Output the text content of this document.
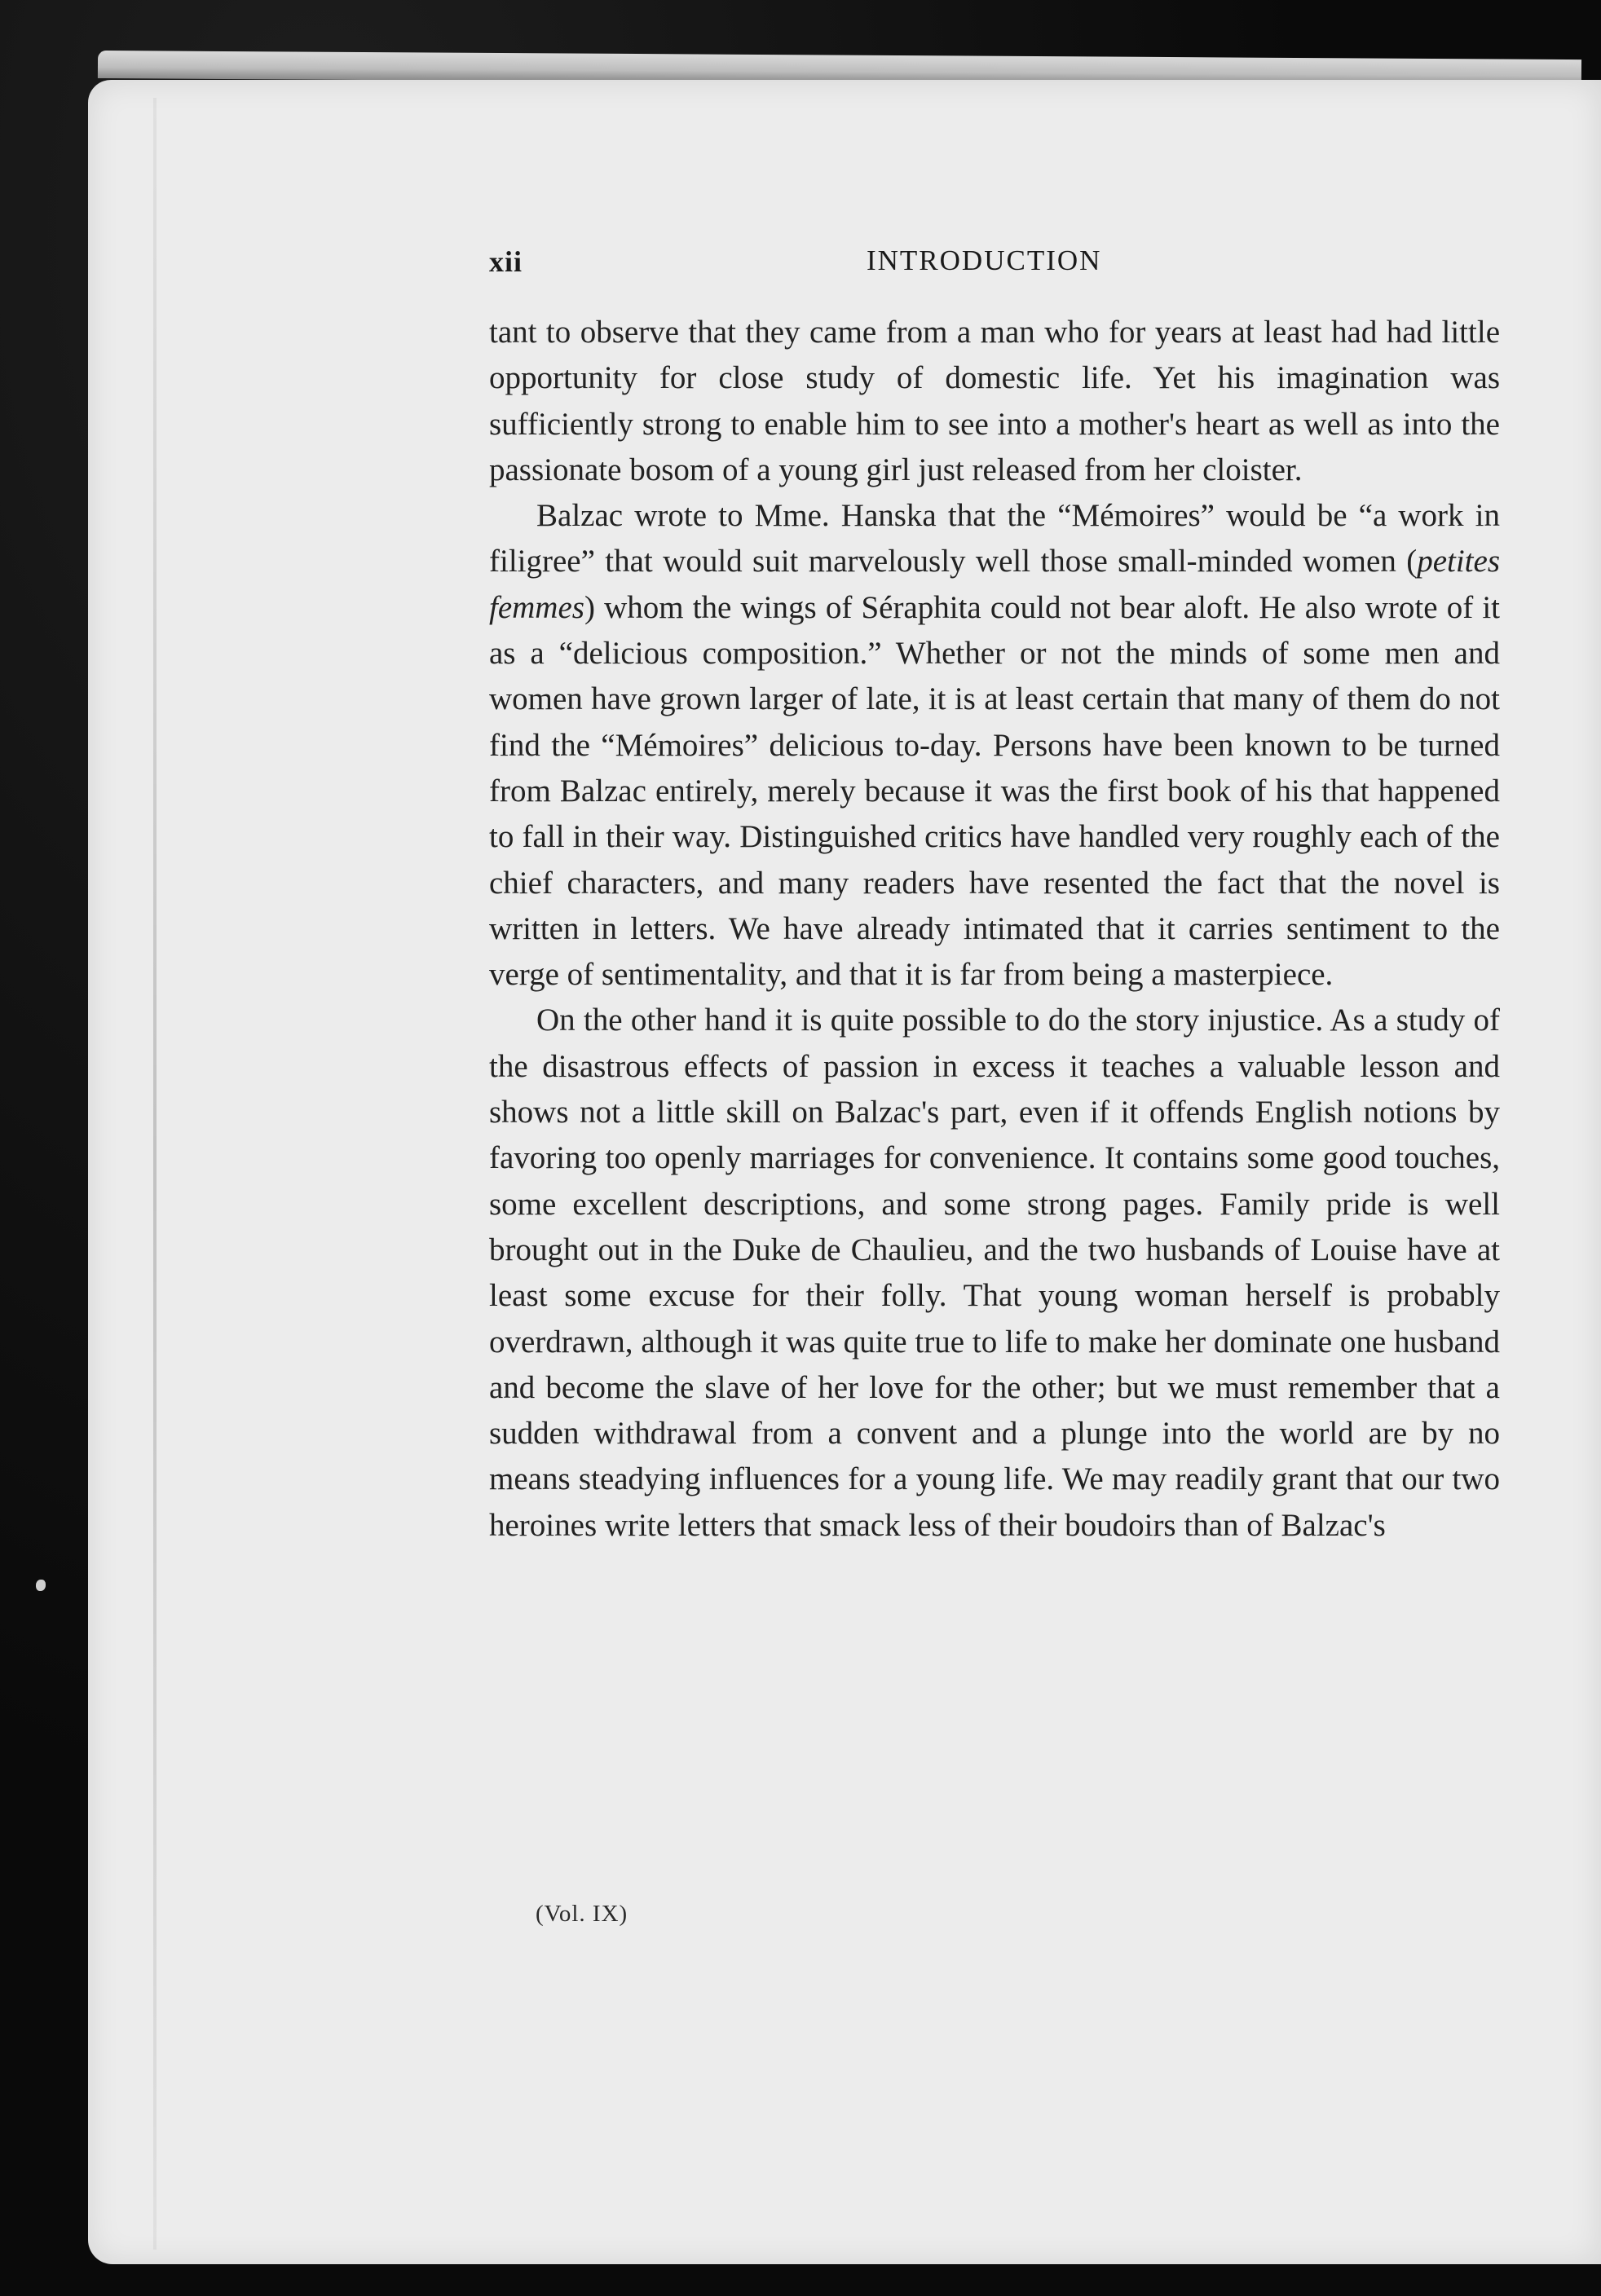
xii	INTRODUCTION

tant to observe that they came from a man who for years at least had had little opportunity for close study of domestic life. Yet his imagination was sufficiently strong to enable him to see into a mother's heart as well as into the passionate bosom of a young girl just released from her cloister.

Balzac wrote to Mme. Hanska that the “Mémoires” would be “a work in filigree” that would suit marvelously well those small-minded women (petites femmes) whom the wings of Séraphita could not bear aloft. He also wrote of it as a “delicious composition.” Whether or not the minds of some men and women have grown larger of late, it is at least certain that many of them do not find the “Mémoires” delicious to-day. Persons have been known to be turned from Balzac entirely, merely because it was the first book of his that happened to fall in their way. Distinguished critics have handled very roughly each of the chief characters, and many readers have resented the fact that the novel is written in letters. We have already intimated that it carries sentiment to the verge of sentimentality, and that it is far from being a masterpiece.

On the other hand it is quite possible to do the story injustice. As a study of the disastrous effects of passion in excess it teaches a valuable lesson and shows not a little skill on Balzac's part, even if it offends English notions by favoring too openly marriages for convenience. It contains some good touches, some excellent descriptions, and some strong pages. Family pride is well brought out in the Duke de Chaulieu, and the two husbands of Louise have at least some excuse for their folly. That young woman herself is probably overdrawn, although it was quite true to life to make her dominate one husband and become the slave of her love for the other; but we must remember that a sudden withdrawal from a convent and a plunge into the world are by no means steadying influences for a young life. We may readily grant that our two heroines write letters that smack less of their boudoirs than of Balzac's

(Vol. IX)
